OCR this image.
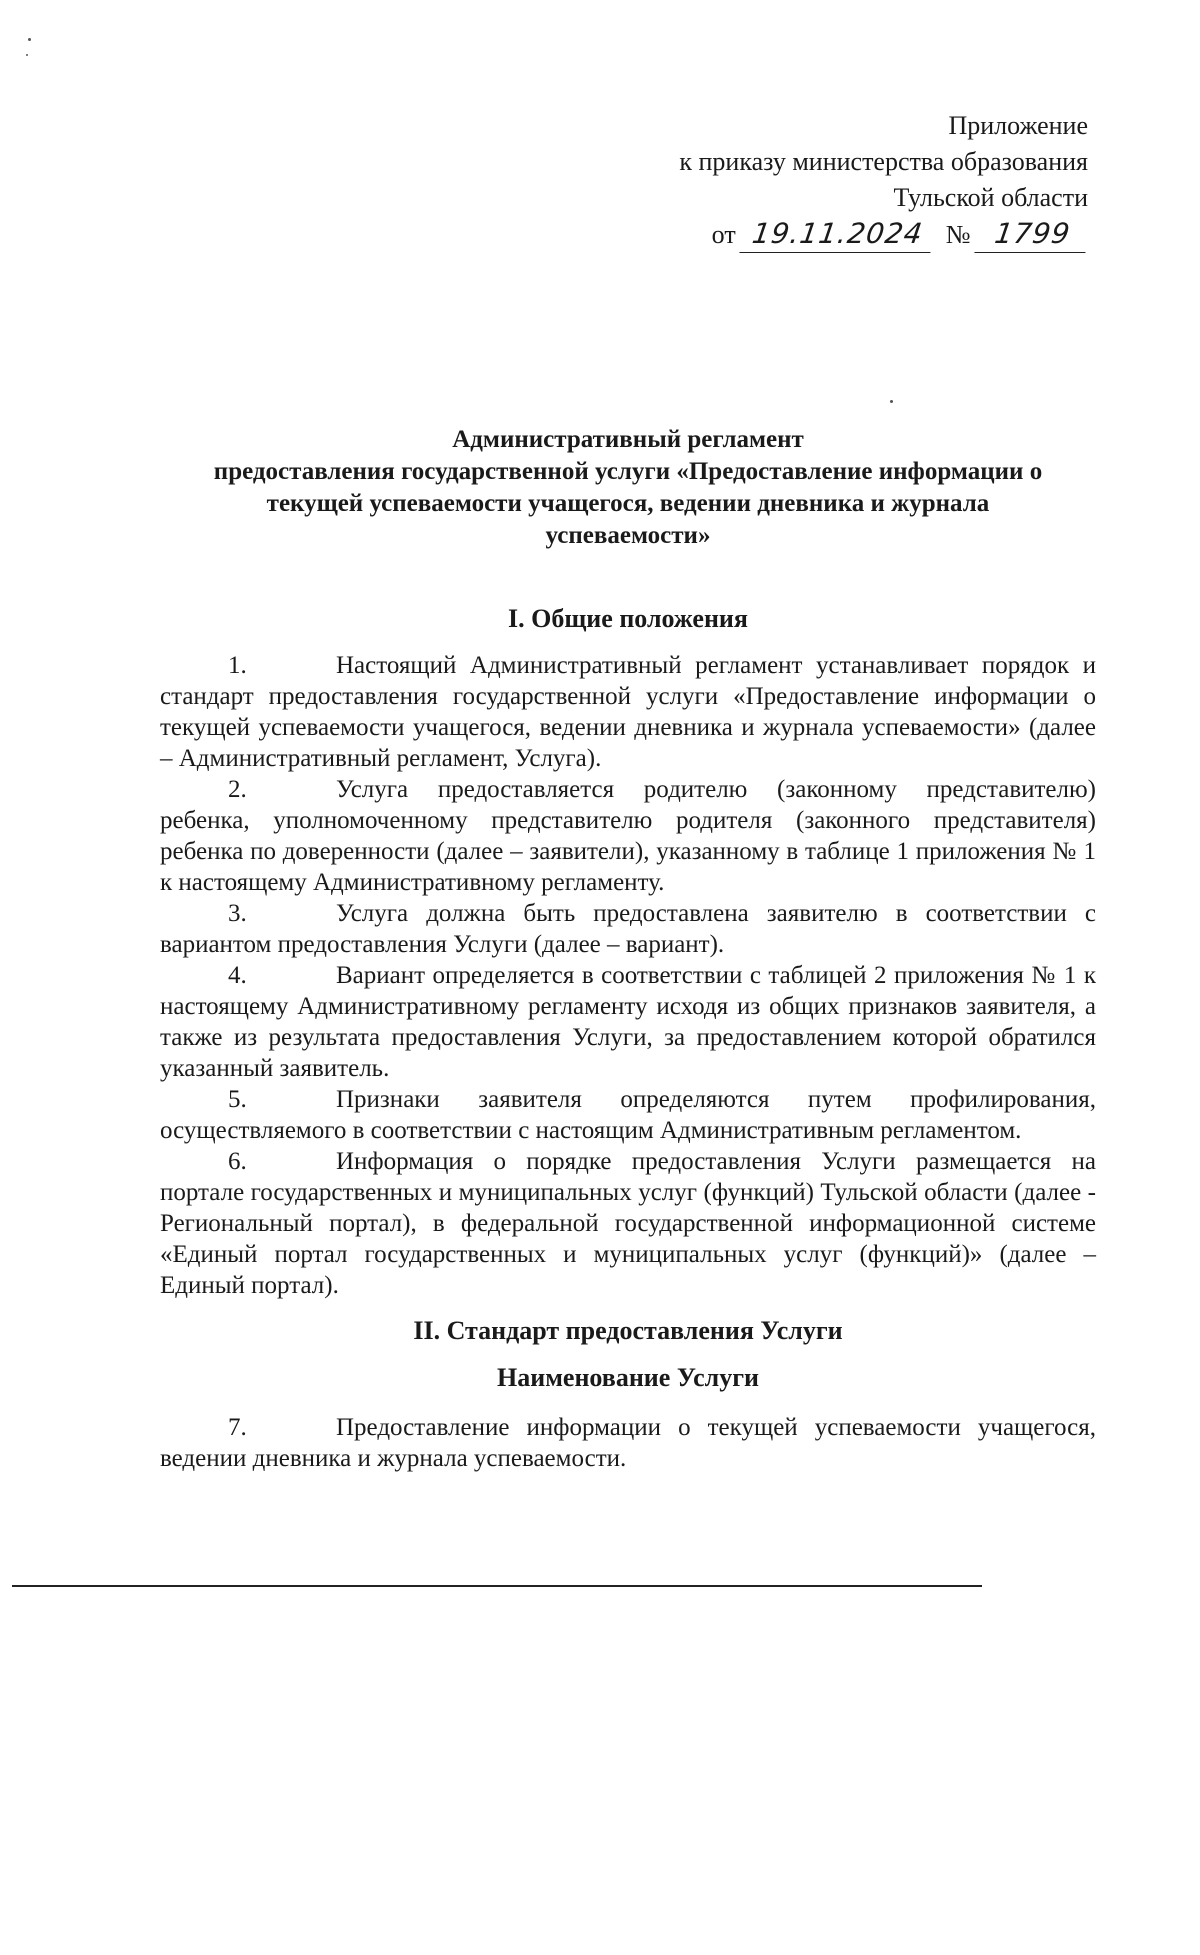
Приложение
к приказу министерства образования
Тульской области
от 19.11.2024 № 1799
Административный регламент
предоставления государственной услуги «Предоставление информации о
текущей успеваемости учащегося, ведении дневника и журнала
успеваемости»
I. Общие положения

1.	Настоящий Административный регламент устанавливает порядок и стандарт предоставления государственной услуги «Предоставление информации о текущей успеваемости учащегося, ведении дневника и журнала успеваемости» (далее – Административный регламент, Услуга).

2.	Услуга предоставляется родителю (законному представителю) ребенка, уполномоченному представителю родителя (законного представителя) ребенка по доверенности (далее – заявители), указанному в таблице 1 приложения № 1 к настоящему Административному регламенту.

3.	Услуга должна быть предоставлена заявителю в соответствии с вариантом предоставления Услуги (далее – вариант).

4.	Вариант определяется в соответствии с таблицей 2 приложения № 1 к настоящему Административному регламенту исходя из общих признаков заявителя, а также из результата предоставления Услуги, за предоставлением которой обратился указанный заявитель.

5.	Признаки заявителя определяются путем профилирования, осуществляемого в соответствии с настоящим Административным регламентом.

6.	Информация о порядке предоставления Услуги размещается на портале государственных и муниципальных услуг (функций) Тульской области (далее - Региональный портал), в федеральной государственной информационной системе «Единый портал государственных и муниципальных услуг (функций)» (далее – Единый портал).

II. Стандарт предоставления Услуги
Наименование Услуги

7.	Предоставление информации о текущей успеваемости учащегося, ведении дневника и журнала успеваемости.
